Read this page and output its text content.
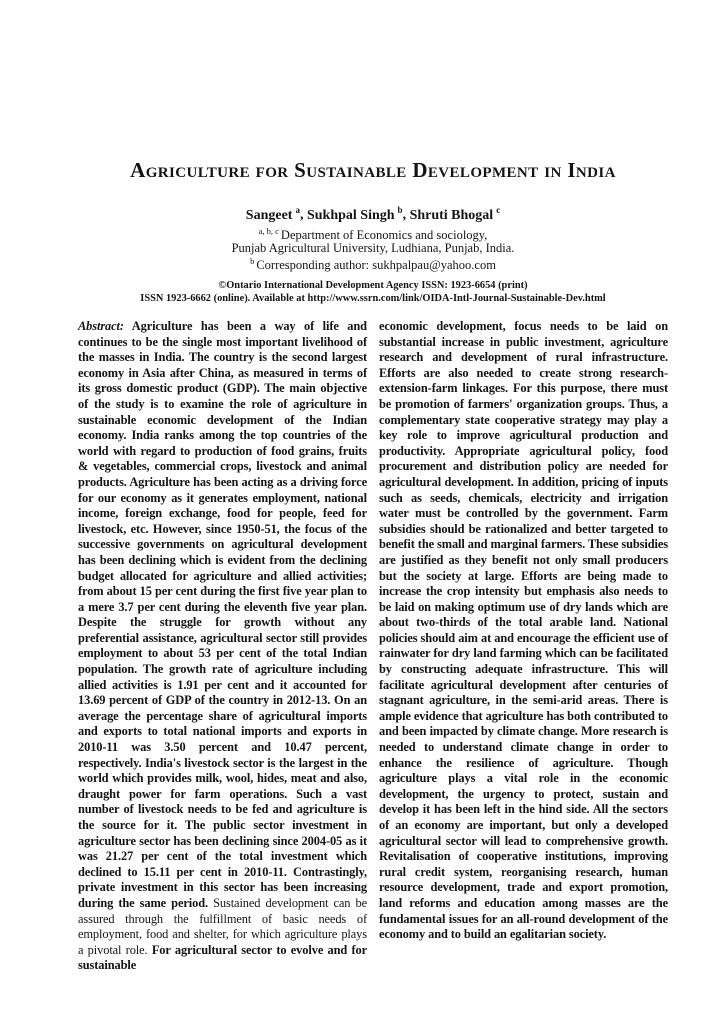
Agriculture for Sustainable Development in India
Sangeet $^a$, Sukhpal Singh $^b$, Shruti Bhogal $^c$
$^{a, b, c}$ Department of Economics and sociology,
Punjab Agricultural University, Ludhiana, Punjab, India.
$^b$ Corresponding author: sukhpalpau@yahoo.com
©Ontario International Development Agency ISSN: 1923-6654 (print)
ISSN 1923-6662 (online). Available at http://www.ssrn.com/link/OIDA-Intl-Journal-Sustainable-Dev.html
Abstract: Agriculture has been a way of life and continues to be the single most important livelihood of the masses in India. The country is the second largest economy in Asia after China, as measured in terms of its gross domestic product (GDP). The main objective of the study is to examine the role of agriculture in sustainable economic development of the Indian economy. India ranks among the top countries of the world with regard to production of food grains, fruits & vegetables, commercial crops, livestock and animal products. Agriculture has been acting as a driving force for our economy as it generates employment, national income, foreign exchange, food for people, feed for livestock, etc. However, since 1950-51, the focus of the successive governments on agricultural development has been declining which is evident from the declining budget allocated for agriculture and allied activities; from about 15 per cent during the first five year plan to a mere 3.7 per cent during the eleventh five year plan. Despite the struggle for growth without any preferential assistance, agricultural sector still provides employment to about 53 per cent of the total Indian population. The growth rate of agriculture including allied activities is 1.91 per cent and it accounted for 13.69 percent of GDP of the country in 2012-13. On an average the percentage share of agricultural imports and exports to total national imports and exports in 2010-11 was 3.50 percent and 10.47 percent, respectively. India's livestock sector is the largest in the world which provides milk, wool, hides, meat and also, draught power for farm operations. Such a vast number of livestock needs to be fed and agriculture is the source for it. The public sector investment in agriculture sector has been declining since 2004-05 as it was 21.27 per cent of the total investment which declined to 15.11 per cent in 2010-11. Contrastingly, private investment in this sector has been increasing during the same period. Sustained development can be assured through the fulfillment of basic needs of employment, food and shelter, for which agriculture plays a pivotal role. For agricultural sector to evolve and for sustainable
economic development, focus needs to be laid on substantial increase in public investment, agriculture research and development of rural infrastructure. Efforts are also needed to create strong research-extension-farm linkages. For this purpose, there must be promotion of farmers' organization groups. Thus, a complementary state cooperative strategy may play a key role to improve agricultural production and productivity. Appropriate agricultural policy, food procurement and distribution policy are needed for agricultural development. In addition, pricing of inputs such as seeds, chemicals, electricity and irrigation water must be controlled by the government. Farm subsidies should be rationalized and better targeted to benefit the small and marginal farmers. These subsidies are justified as they benefit not only small producers but the society at large. Efforts are being made to increase the crop intensity but emphasis also needs to be laid on making optimum use of dry lands which are about two-thirds of the total arable land. National policies should aim at and encourage the efficient use of rainwater for dry land farming which can be facilitated by constructing adequate infrastructure. This will facilitate agricultural development after centuries of stagnant agriculture, in the semi-arid areas. There is ample evidence that agriculture has both contributed to and been impacted by climate change. More research is needed to understand climate change in order to enhance the resilience of agriculture. Though agriculture plays a vital role in the economic development, the urgency to protect, sustain and develop it has been left in the hind side. All the sectors of an economy are important, but only a developed agricultural sector will lead to comprehensive growth. Revitalisation of cooperative institutions, improving rural credit system, reorganising research, human resource development, trade and export promotion, land reforms and education among masses are the fundamental issues for an all-round development of the economy and to build an egalitarian society.
